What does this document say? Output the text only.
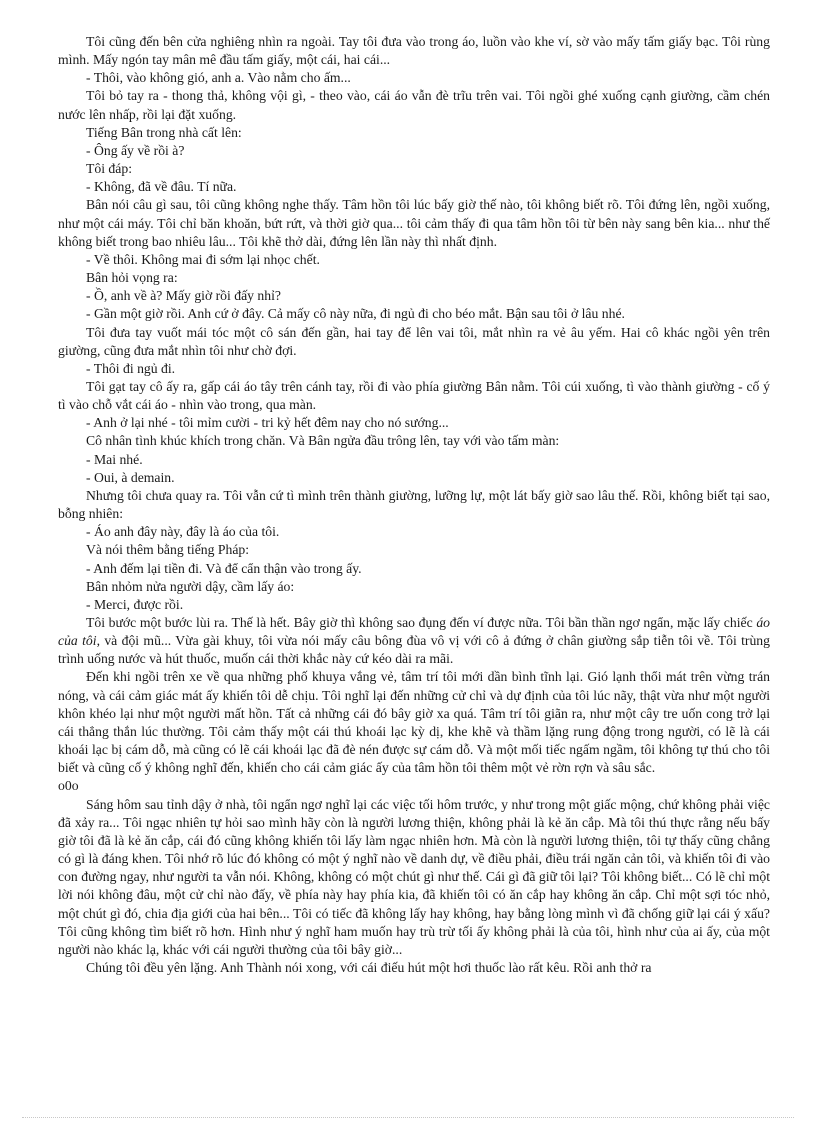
Tôi cũng đến bên cửa nghiêng nhìn ra ngoài. Tay tôi đưa vào trong áo, luồn vào khe ví, sờ vào mấy tấm giấy bạc. Tôi rùng mình. Mấy ngón tay mân mê đầu tấm giấy, một cái, hai cái...

- Thôi, vào không gió, anh a. Vào nằm cho ấm...

Tôi bỏ tay ra - thong thả, không vội gì, - theo vào, cái áo vẫn đè trĩu trên vai. Tôi ngồi ghé xuống cạnh giường, cầm chén nước lên nhấp, rồi lại đặt xuống.

Tiếng Bân trong nhà cất lên:

- Ông ấy về rồi à?

Tôi đáp:

- Không, đã về đâu. Tí nữa.

Bân nói câu gì sau, tôi cũng không nghe thấy. Tâm hồn tôi lúc bấy giờ thế nào, tôi không biết rõ. Tôi đứng lên, ngồi xuống, như một cái máy. Tôi chỉ băn khoăn, bứt rứt, và thời giờ qua... tôi cảm thấy đi qua tâm hồn tôi từ bên này sang bên kia... như thế không biết trong bao nhiêu lâu... Tôi khẽ thở dài, đứng lên lần này thì nhất định.

- Về thôi. Không mai đi sớm lại nhọc chết.

Bân hỏi vọng ra:

- Ồ, anh về à? Mấy giờ rồi đấy nhỉ?

- Gần một giờ rồi. Anh cứ ở đây. Cả mấy cô này nữa, đi ngủ đi cho béo mắt. Bận sau tôi ở lâu nhé.

Tôi đưa tay vuốt mái tóc một cô sán đến gần, hai tay để lên vai tôi, mắt nhìn ra vẻ âu yếm. Hai cô khác ngồi yên trên giường, cũng đưa mắt nhìn tôi như chờ đợi.

- Thôi đi ngủ đi.

Tôi gạt tay cô ấy ra, gấp cái áo tây trên cánh tay, rồi đi vào phía giường Bân nằm. Tôi cúi xuống, tì vào thành giường - cố ý tì vào chỗ vắt cái áo - nhìn vào trong, qua màn.

- Anh ở lại nhé - tôi mỉm cười - tri kỷ hết đêm nay cho nó sướng...

Cô nhân tình khúc khích trong chăn. Và Bân ngửa đầu trông lên, tay với vào tấm màn:

- Mai nhé.

- Oui, à demain.

Nhưng tôi chưa quay ra. Tôi vẫn cứ tì mình trên thành giường, lưỡng lự, một lát bấy giờ sao lâu thế. Rồi, không biết tại sao, bỗng nhiên:

- Áo anh đây này, đây là áo của tôi.

Và nói thêm bằng tiếng Pháp:

- Anh đếm lại tiền đi. Và để cẩn thận vào trong ấy.

Bân nhỏm nửa người dậy, cầm lấy áo:

- Merci, được rồi.

Tôi bước một bước lùi ra. Thế là hết. Bây giờ thì không sao đụng đến ví được nữa. Tôi bần thần ngơ ngẩn, mặc lấy chiếc áo của tôi, và đội mũ... Vừa gài khuy, tôi vừa nói mấy câu bông đùa vô vị với cô ả đứng ở chân giường sắp tiễn tôi về. Tôi trùng trình uống nước và hút thuốc, muốn cái thời khắc này cứ kéo dài ra mãi.

Đến khi ngồi trên xe về qua những phố khuya vắng vẻ, tâm trí tôi mới dần bình tĩnh lại. Gió lạnh thổi mát trên vừng trán nóng, và cái cảm giác mát ấy khiến tôi dễ chịu. Tôi nghĩ lại đến những cử chỉ và dự định của tôi lúc nãy, thật vừa như một người khôn khéo lại như một người mất hồn. Tất cả những cái đó bây giờ xa quá. Tâm trí tôi giãn ra, như một cây tre uốn cong trở lại cái thẳng thắn lúc thường. Tôi cảm thấy một cái thú khoái lạc kỳ dị, khe khẽ và thầm lặng rung động trong người, có lẽ là cái khoái lạc bị cám dỗ, mà cũng có lẽ cái khoái lạc đã đè nén được sự cám dỗ. Và một mối tiếc ngấm ngầm, tôi không tự thú cho tôi biết và cũng cố ý không nghĩ đến, khiến cho cái cảm giác ấy của tâm hồn tôi thêm một vẻ rờn rợn và sâu sắc.

o0o

Sáng hôm sau tỉnh dậy ở nhà, tôi ngẩn ngơ nghĩ lại các việc tối hôm trước, y như trong một giấc mộng, chứ không phải việc đã xảy ra... Tôi ngạc nhiên tự hỏi sao mình hãy còn là người lương thiện, không phải là kẻ ăn cắp. Mà tôi thú thực rằng nếu bấy giờ tôi đã là kẻ ăn cắp, cái đó cũng không khiến tôi lấy làm ngạc nhiên hơn. Mà còn là người lương thiện, tôi tự thấy cũng chẳng có gì là đáng khen. Tôi nhớ rõ lúc đó không có một ý nghĩ nào về danh dự, về điều phải, điều trái ngăn cản tôi, và khiến tôi đi vào con đường ngay, như người ta vẫn nói. Không, không có một chút gì như thế. Cái gì đã giữ tôi lại? Tôi không biết... Có lẽ chỉ một lời nói không đâu, một cử chỉ nào đấy, về phía này hay phía kia, đã khiến tôi có ăn cắp hay không ăn cắp. Chỉ một sợi tóc nhỏ, một chút gì đó, chia địa giới của hai bên... Tôi có tiếc đã không lấy hay không, hay bằng lòng mình vì đã chống giữ lại cái ý xấu? Tôi cũng không tìm biết rõ hơn. Hình như ý nghĩ ham muốn hay trù trừ tối ấy không phải là của tôi, hình như của ai ấy, của một người nào khác lạ, khác với cái người thường của tôi bây giờ...

Chúng tôi đều yên lặng. Anh Thành nói xong, với cái điếu hút một hơi thuốc lào rất kêu. Rồi anh thở ra
